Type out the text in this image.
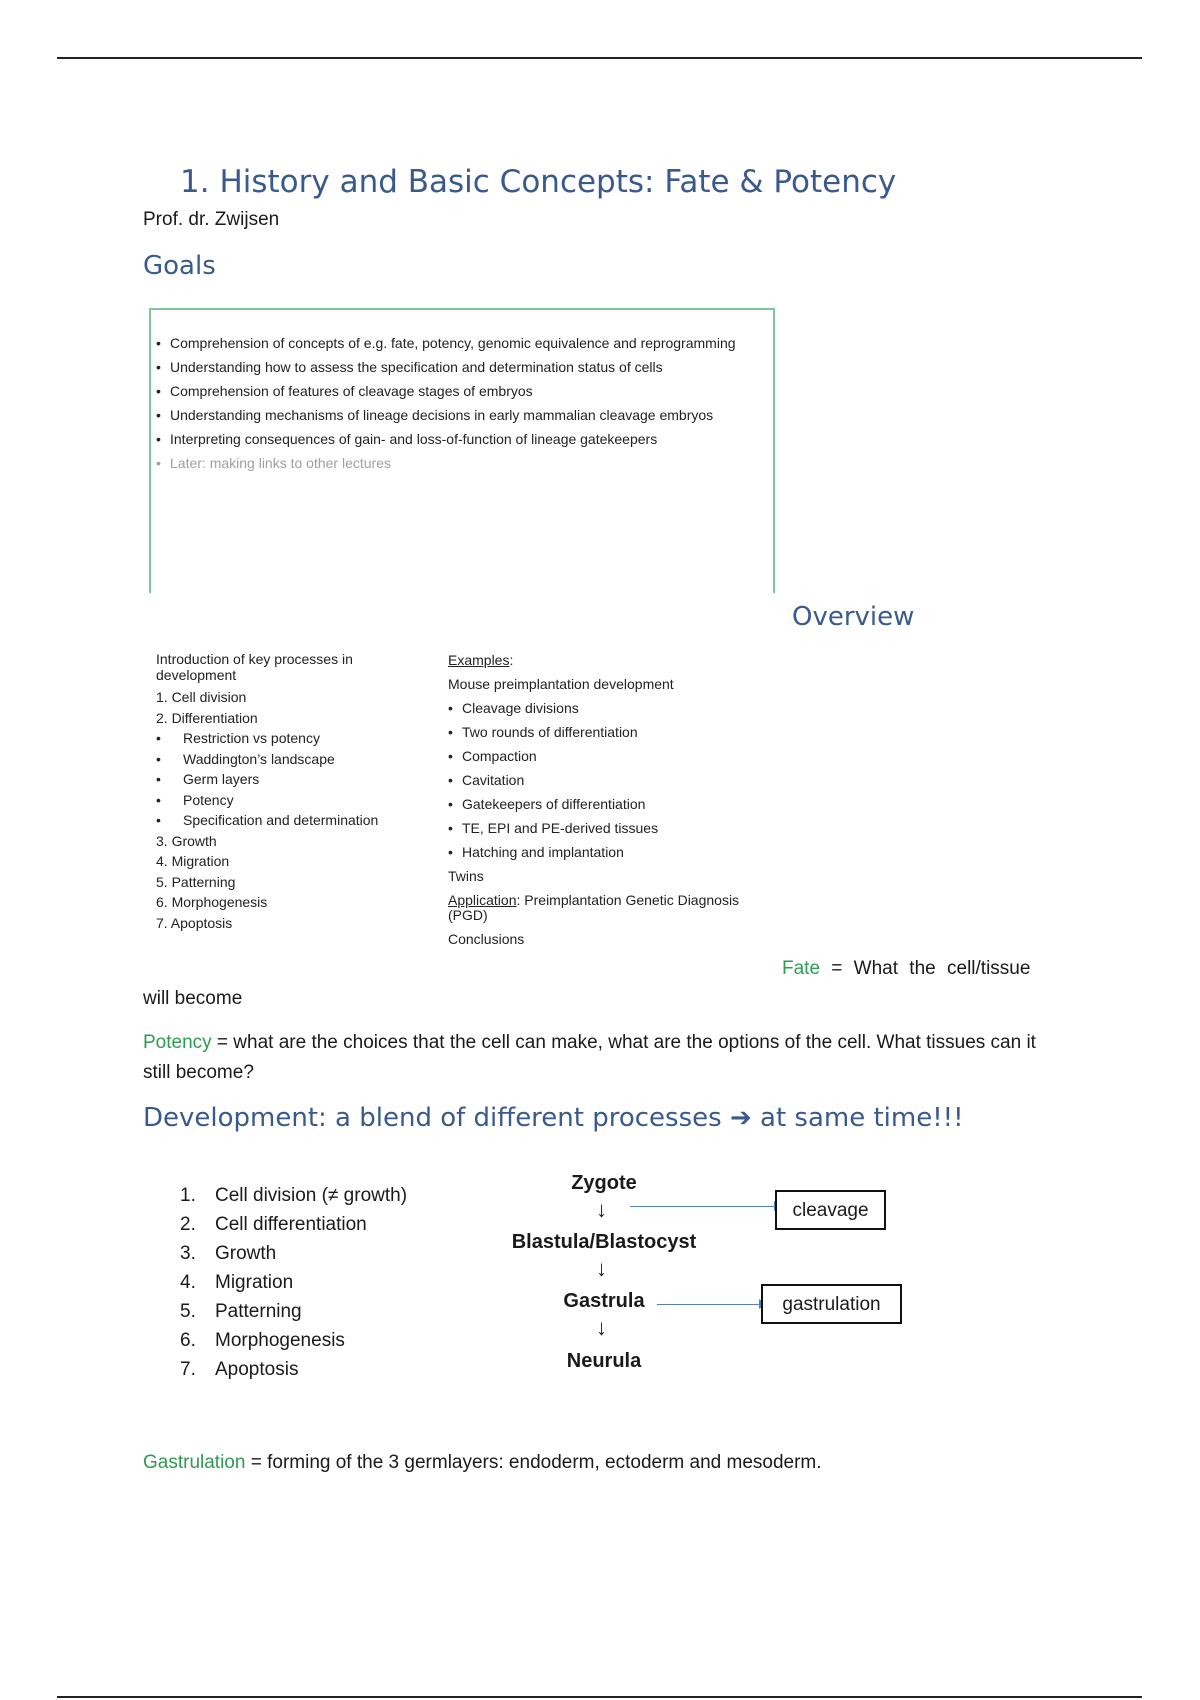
1. History and Basic Concepts: Fate & Potency
Prof. dr. Zwijsen
Goals
• Comprehension of concepts of e.g. fate, potency, genomic equivalence and reprogramming
• Understanding how to assess the specification and determination status of cells
• Comprehension of features of cleavage stages of embryos
• Understanding mechanisms of lineage decisions in early mammalian cleavage embryos
• Interpreting consequences of gain- and loss-of-function of lineage gatekeepers
• Later: making links to other lectures
Overview
Introduction of key processes in development
1. Cell division
2. Differentiation
• Restriction vs potency
• Waddington’s landscape
• Germ layers
• Potency
• Specification and determination
3. Growth
4. Migration
5. Patterning
6. Morphogenesis
7. Apoptosis
Examples:
Mouse preimplantation development
• Cleavage divisions
• Two rounds of differentiation
• Compaction
• Cavitation
• Gatekeepers of differentiation
• TE, EPI and PE-derived tissues
• Hatching and implantation
Twins
Application: Preimplantation Genetic Diagnosis (PGD)
Conclusions
Fate = What the cell/tissue
will become
Potency = what are the choices that the cell can make, what are the options of the cell. What tissues can it still become?
Development: a blend of different processes ➔ at same time!!!
1. Cell division (≠ growth)
2. Cell differentiation
3. Growth
4. Migration
5. Patterning
6. Morphogenesis
7. Apoptosis
Zygote
↓
Blastula/Blastocyst
↓
Gastrula
↓
Neurula
cleavage
gastrulation
Gastrulation = forming of the 3 germlayers: endoderm, ectoderm and mesoderm.
